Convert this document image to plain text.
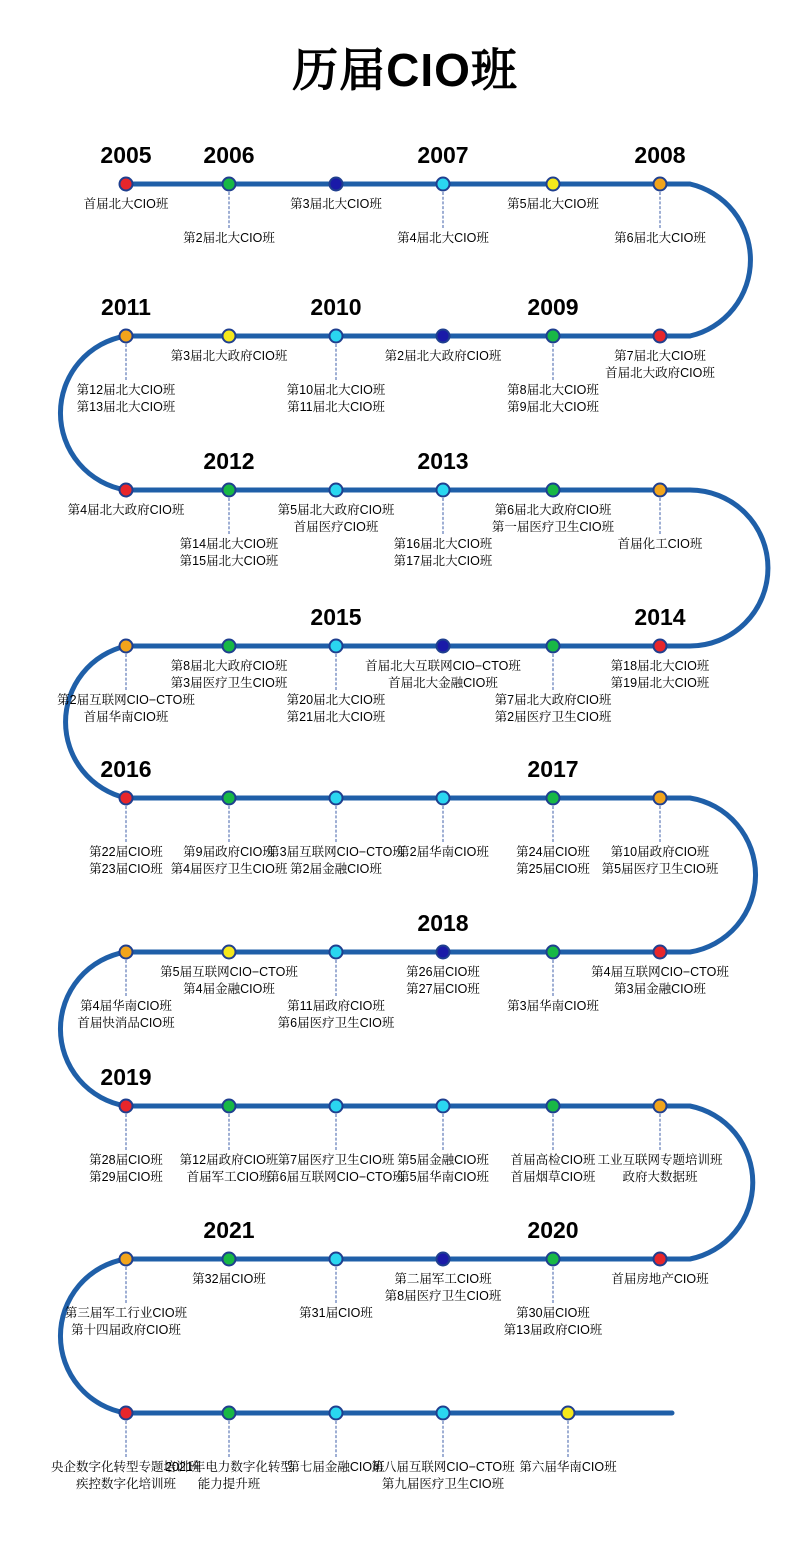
历届CIO班
2005 2006	2007	2008
首届北大CIO班
第2届北大CIO班
第3届北大CIO班
第4届北大CIO班
第5届北大CIO班
第6届北大CIO班
2011	2010	2009
第12届北大CIO班
第13届北大CIO班
第3届北大政府CIO班
第10届北大CIO班
第11届北大CIO班
第2届北大政府CIO班
第8届北大CIO班
第9届北大CIO班
第7届北大CIO班
首届北大政府CIO班
2012	2013
第4届北大政府CIO班
第14届北大CIO班
第15届北大CIO班
第5届北大政府CIO班
首届医疗CIO班
第16届北大CIO班
第17届北大CIO班
第6届北大政府CIO班
第一届医疗卫生CIO班
首届化工CIO班
2015	2014
第2届互联网CIO−CTO班
首届华南CIO班
第8届北大政府CIO班
第3届医疗卫生CIO班
第20届北大CIO班
第21届北大CIO班
首届北大互联网CIO−CTO班
首届北大金融CIO班
第7届北大政府CIO班
第2届医疗卫生CIO班
第18届北大CIO班
第19届北大CIO班
2016	2017
第22届CIO班
第23届CIO班
第9届政府CIO班
第4届医疗卫生CIO班
第3届互联网CIO−CTO班
第2届金融CIO班
第2届华南CIO班 第24届CIO班
第25届CIO班
第10届政府CIO班
第5届医疗卫生CIO班
2018
第4届华南CIO班
首届快消品CIO班
第5届互联网CIO−CTO班
第4届金融CIO班
第11届政府CIO班
第6届医疗卫生CIO班
第26届CIO班
第27届CIO班
第3届华南CIO班
第4届互联网CIO−CTO班
第3届金融CIO班
2019
第28届CIO班
第29届CIO班
第12届政府CIO班
首届军工CIO班
第7届医疗卫生CIO班
第6届互联网CIO−CTO班
第5届金融CIO班
第5届华南CIO班
首届高检CIO班
首届烟草CIO班
工业互联网专题培训班
政府大数据班
2021	2020
第三届军工行业CIO班
第十四届政府CIO班
第32届CIO班
第31届CIO班
第二届军工CIO班
第8届医疗卫生CIO班
第30届CIO班
第13届政府CIO班
首届房地产CIO班
央企数字化转型专题培训班
疾控数字化培训班
2021年电力数字化转型
能力提升班
第七届金融CIO班
第八届互联网CIO−CTO班
第九届医疗卫生CIO班
第六届华南CIO班
